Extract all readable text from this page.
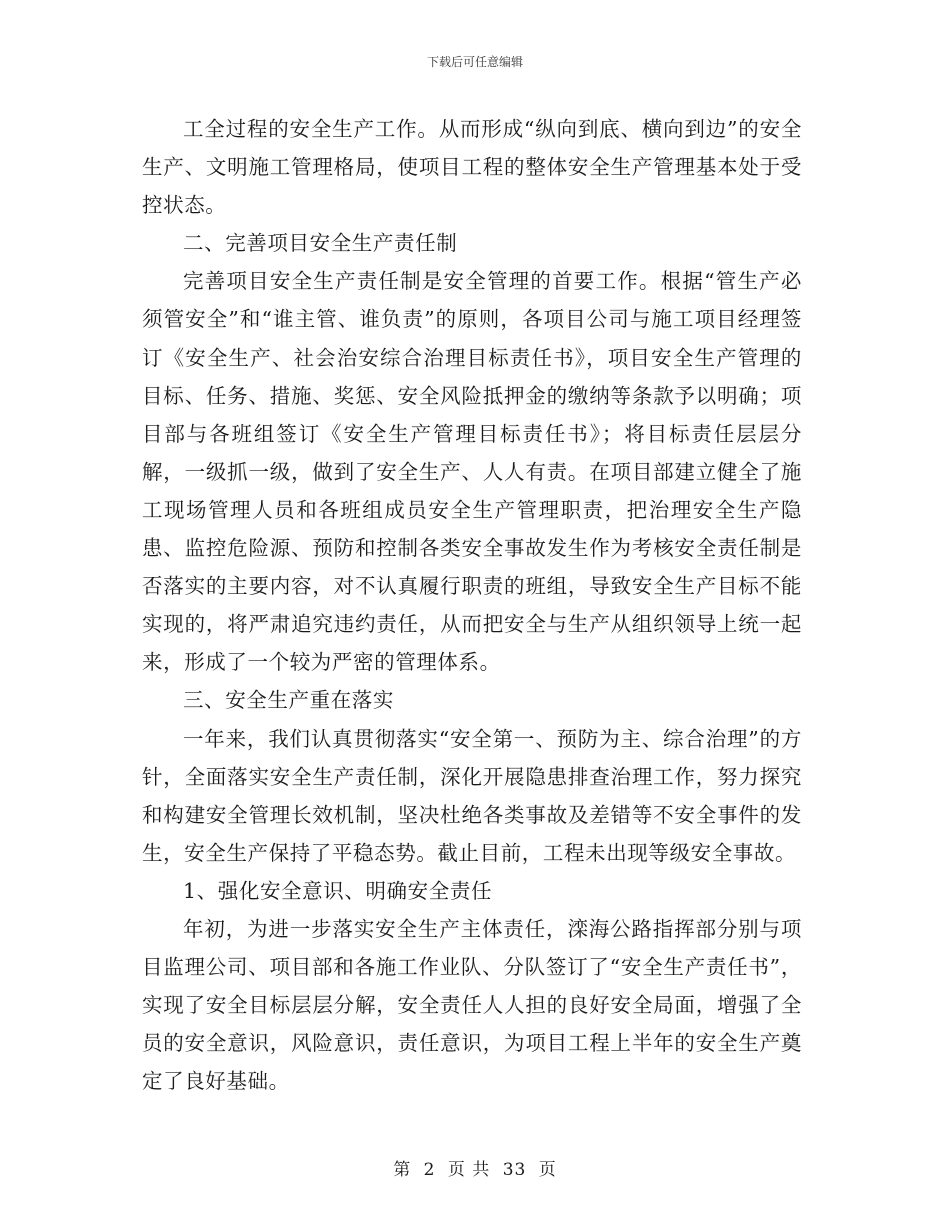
下载后可任意编辑

工全过程的安全生产工作。从而形成“纵向到底、横向到边”的安全生产、文明施工管理格局，使项目工程的整体安全生产管理基本处于受控状态。

二、完善项目安全生产责任制

完善项目安全生产责任制是安全管理的首要工作。根据“管生产必须管安全”和“谁主管、谁负责”的原则，各项目公司与施工项目经理签订《安全生产、社会治安综合治理目标责任书》，项目安全生产管理的目标、任务、措施、奖惩、安全风险抵押金的缴纳等条款予以明确；项目部与各班组签订《安全生产管理目标责任书》；将目标责任层层分解，一级抓一级，做到了安全生产、人人有责。在项目部建立健全了施工现场管理人员和各班组成员安全生产管理职责，把治理安全生产隐患、监控危险源、预防和控制各类安全事故发生作为考核安全责任制是否落实的主要内容，对不认真履行职责的班组，导致安全生产目标不能实现的，将严肃追究违约责任，从而把安全与生产从组织领导上统一起来，形成了一个较为严密的管理体系。

三、安全生产重在落实

一年来，我们认真贯彻落实“安全第一、预防为主、综合治理”的方针，全面落实安全生产责任制，深化开展隐患排查治理工作，努力探究和构建安全管理长效机制，坚决杜绝各类事故及差错等不安全事件的发生，安全生产保持了平稳态势。截止目前，工程未出现等级安全事故。

1、强化安全意识、明确安全责任

年初，为进一步落实安全生产主体责任，滦海公路指挥部分别与项目监理公司、项目部和各施工作业队、分队签订了“安全生产责任书”，实现了安全目标层层分解，安全责任人人担的良好安全局面，增强了全员的安全意识，风险意识，责任意识，为项目工程上半年的安全生产奠定了良好基础。

第 2 页 共 33 页
